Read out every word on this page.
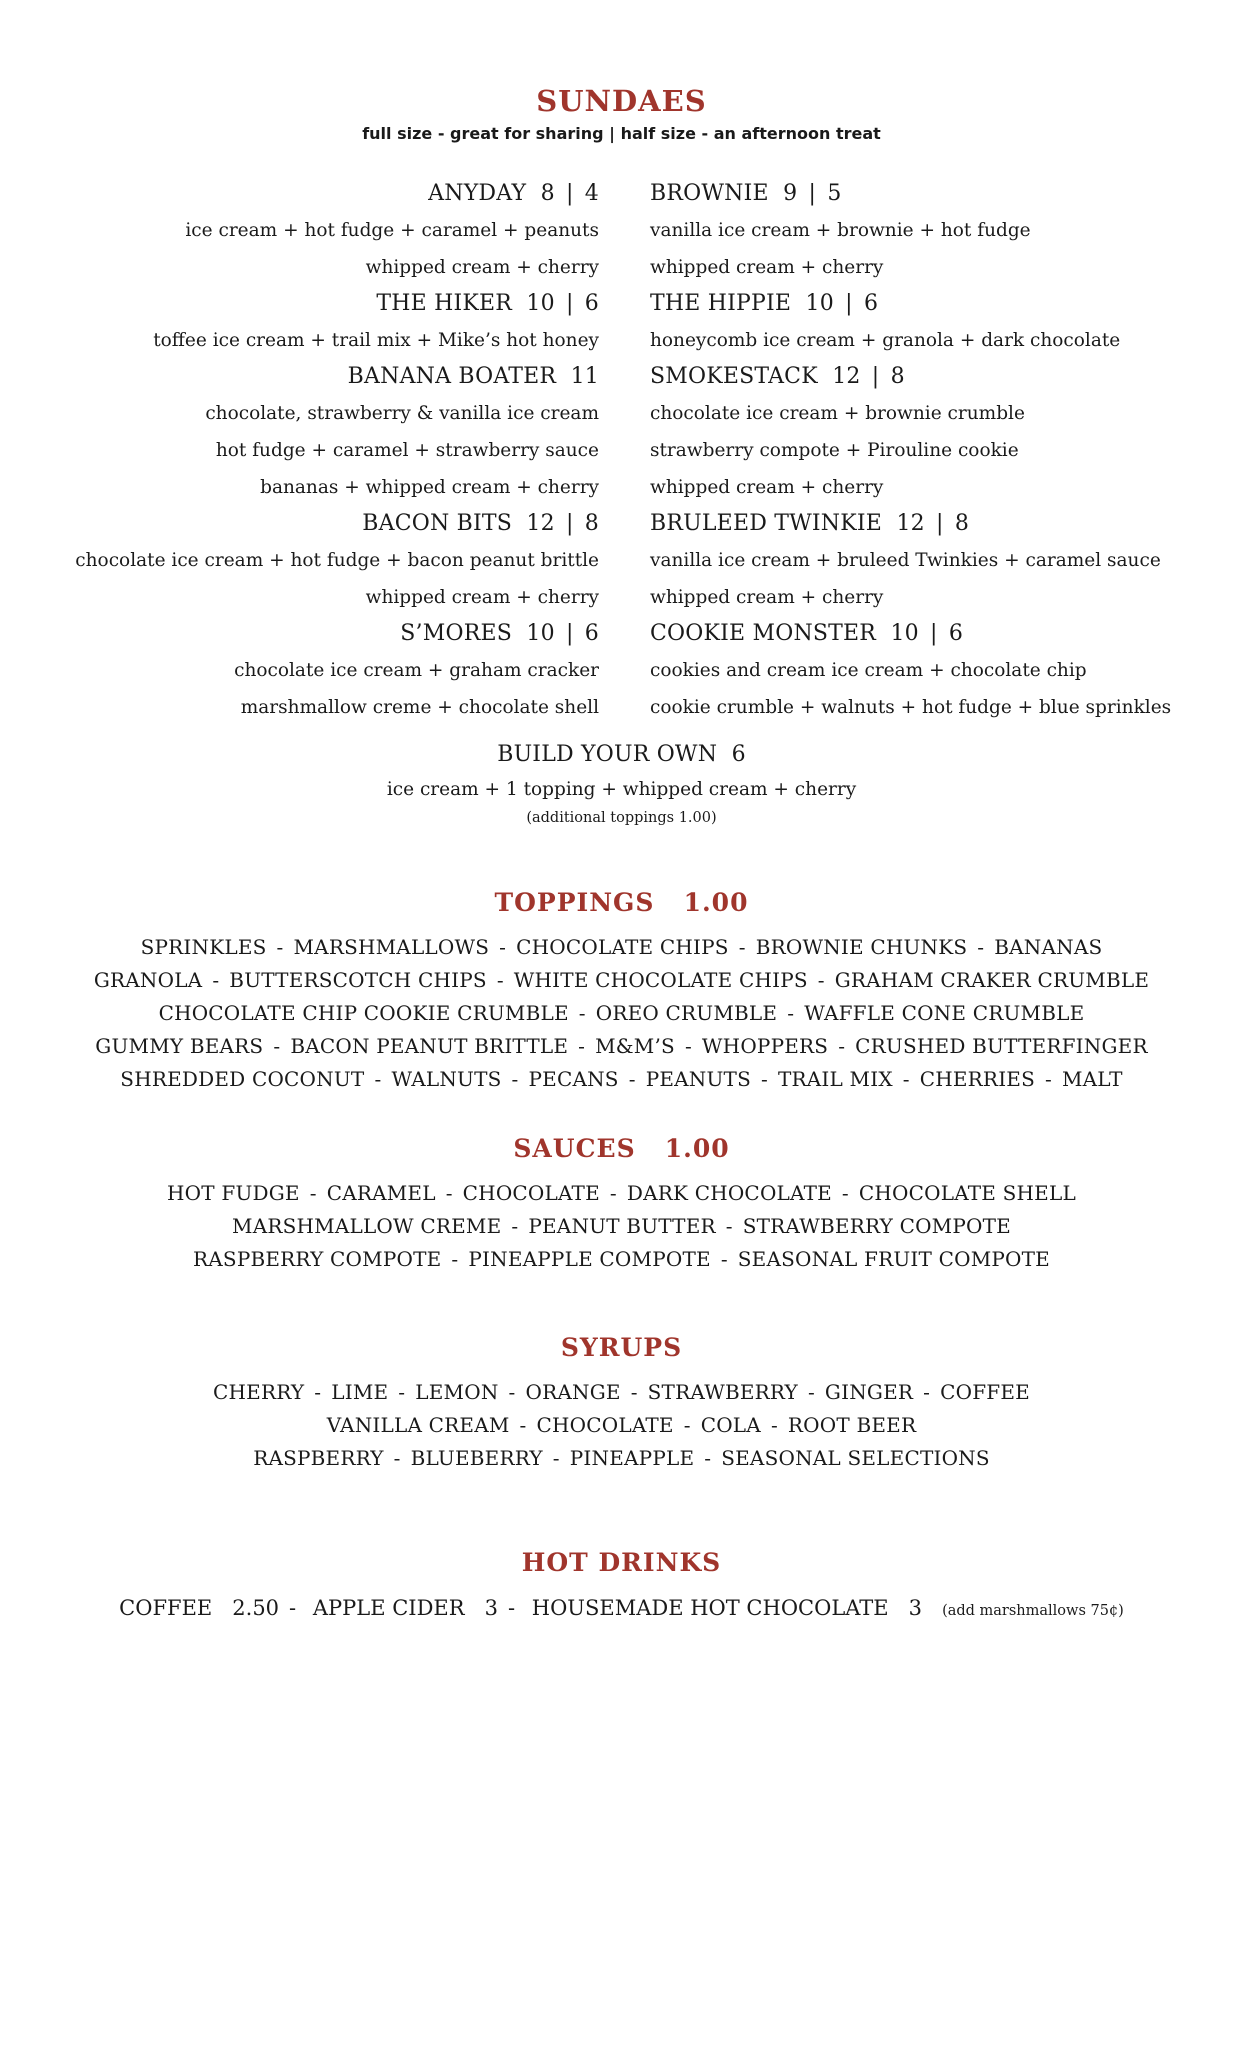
SUNDAES
full size - great for sharing | half size - an afternoon treat
ANYDAY 8 | 4
ice cream + hot fudge + caramel + peanuts
whipped cream + cherry
THE HIKER 10 | 6
toffee ice cream + trail mix + Mike’s hot honey
BANANA BOATER 11
chocolate, strawberry & vanilla ice cream
hot fudge + caramel + strawberry sauce
bananas + whipped cream + cherry
BACON BITS 12 | 8
chocolate ice cream + hot fudge + bacon peanut brittle
whipped cream + cherry
S’MORES 10 | 6
chocolate ice cream + graham cracker
marshmallow creme + chocolate shell
BROWNIE 9 | 5
vanilla ice cream + brownie + hot fudge
whipped cream + cherry
THE HIPPIE 10 | 6
honeycomb ice cream + granola + dark chocolate
SMOKESTACK 12 | 8
chocolate ice cream + brownie crumble
strawberry compote + Pirouline cookie
whipped cream + cherry
BRULEED TWINKIE 12 | 8
vanilla ice cream + bruleed Twinkies + caramel sauce
whipped cream + cherry
COOKIE MONSTER 10 | 6
cookies and cream ice cream + chocolate chip
cookie crumble + walnuts + hot fudge + blue sprinkles
BUILD YOUR OWN 6
ice cream + 1 topping + whipped cream + cherry
(additional toppings 1.00)
TOPPINGS 1.00
SPRINKLES - MARSHMALLOWS - CHOCOLATE CHIPS - BROWNIE CHUNKS - BANANAS
GRANOLA - BUTTERSCOTCH CHIPS - WHITE CHOCOLATE CHIPS - GRAHAM CRAKER CRUMBLE
CHOCOLATE CHIP COOKIE CRUMBLE - OREO CRUMBLE - WAFFLE CONE CRUMBLE
GUMMY BEARS - BACON PEANUT BRITTLE - M&M’S - WHOPPERS - CRUSHED BUTTERFINGER
SHREDDED COCONUT - WALNUTS - PECANS - PEANUTS - TRAIL MIX - CHERRIES - MALT
SAUCES 1.00
HOT FUDGE - CARAMEL - CHOCOLATE - DARK CHOCOLATE - CHOCOLATE SHELL
MARSHMALLOW CREME - PEANUT BUTTER - STRAWBERRY COMPOTE
RASPBERRY COMPOTE - PINEAPPLE COMPOTE - SEASONAL FRUIT COMPOTE
SYRUPS
CHERRY - LIME - LEMON - ORANGE - STRAWBERRY - GINGER - COFFEE
VANILLA CREAM - CHOCOLATE - COLA - ROOT BEER
RASPBERRY - BLUEBERRY - PINEAPPLE - SEASONAL SELECTIONS
HOT DRINKS
COFFEE 2.50 - APPLE CIDER 3 - HOUSEMADE HOT CHOCOLATE 3 (add marshmallows 75¢)
